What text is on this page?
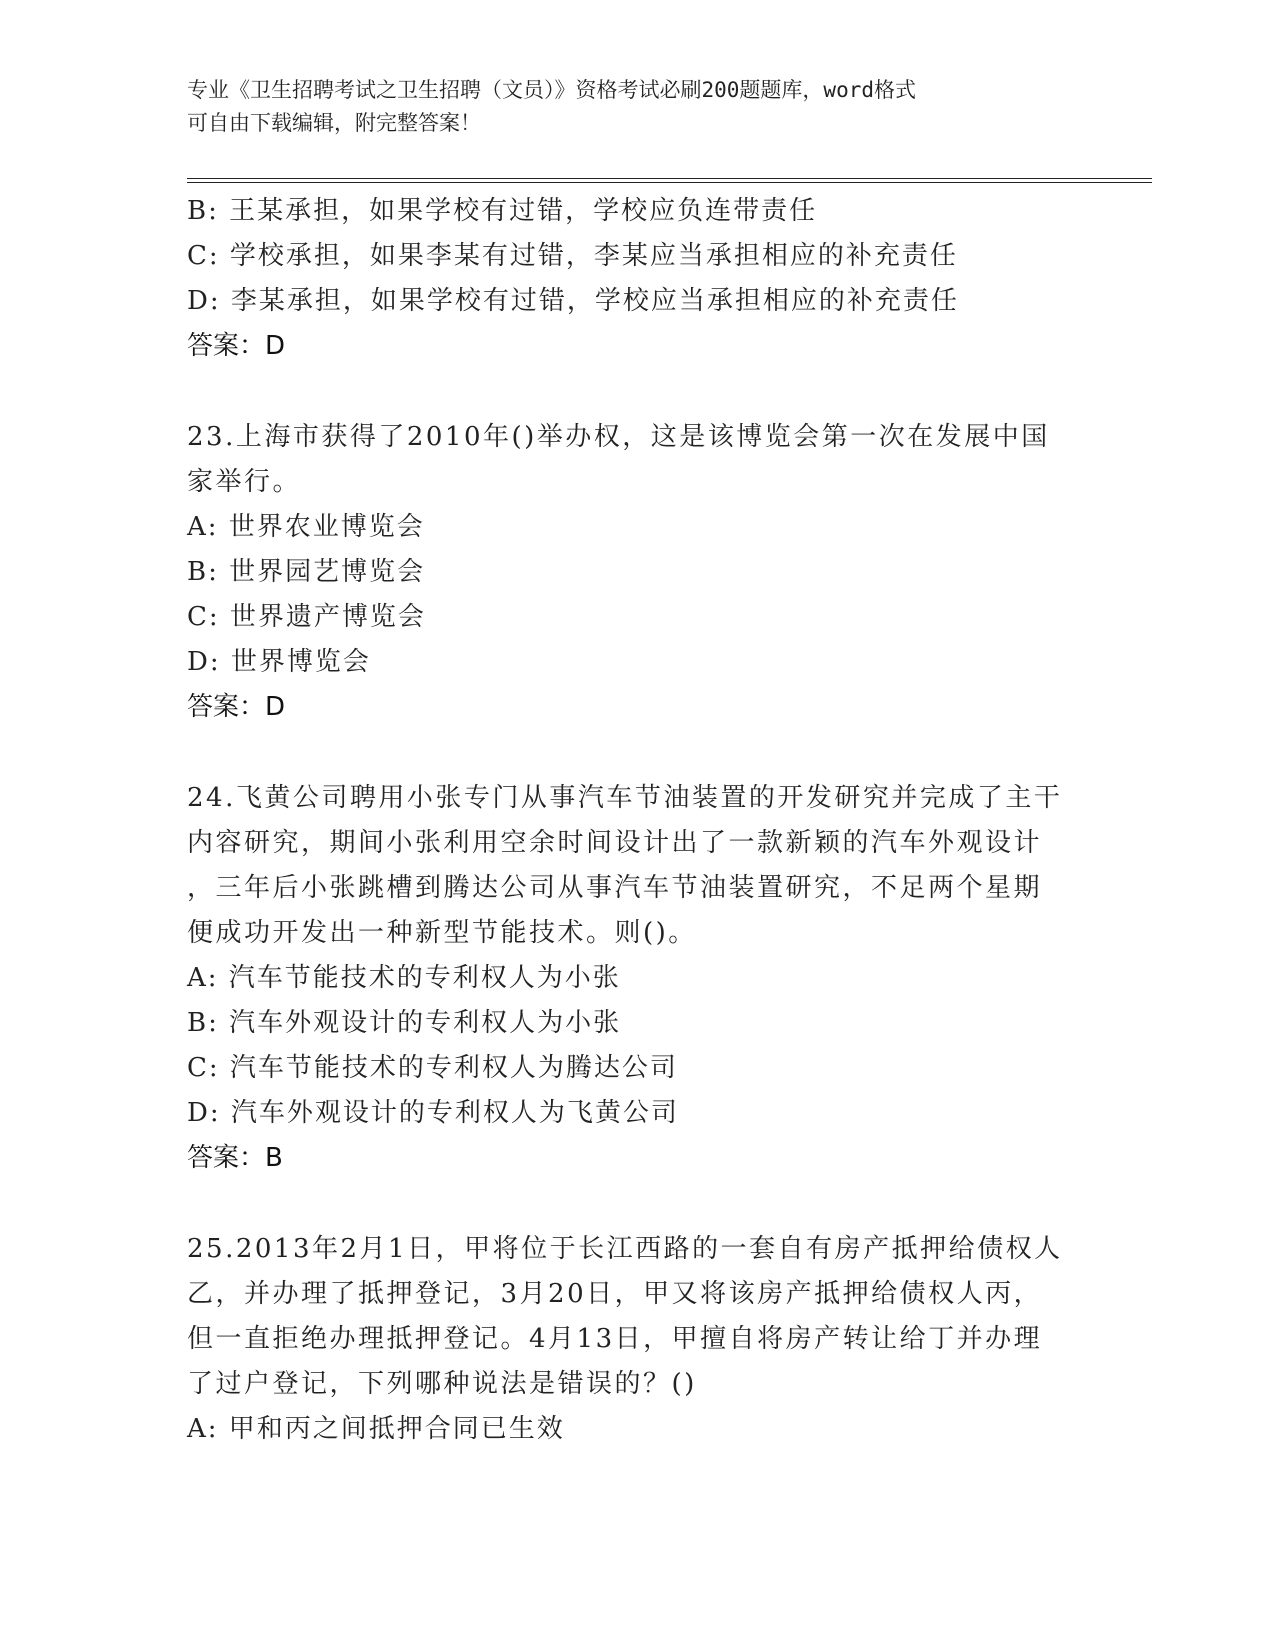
专业《卫生招聘考试之卫生招聘（文员）》资格考试必刷200题题库，word格式
可自由下载编辑，附完整答案！
B: 王某承担，如果学校有过错，学校应负连带责任
C: 学校承担，如果李某有过错，李某应当承担相应的补充责任
D: 李某承担，如果学校有过错，学校应当承担相应的补充责任
答案：D
23.上海市获得了2010年()举办权，这是该博览会第一次在发展中国
家举行。
A: 世界农业博览会
B: 世界园艺博览会
C: 世界遗产博览会
D: 世界博览会
答案：D
24.飞黄公司聘用小张专门从事汽车节油装置的开发研究并完成了主干
内容研究，期间小张利用空余时间设计出了一款新颖的汽车外观设计
，三年后小张跳槽到腾达公司从事汽车节油装置研究，不足两个星期
便成功开发出一种新型节能技术。则()。
A: 汽车节能技术的专利权人为小张
B: 汽车外观设计的专利权人为小张
C: 汽车节能技术的专利权人为腾达公司
D: 汽车外观设计的专利权人为飞黄公司
答案：B
25.2013年2月1日，甲将位于长江西路的一套自有房产抵押给债权人
乙，并办理了抵押登记，3月20日，甲又将该房产抵押给债权人丙，
但一直拒绝办理抵押登记。4月13日，甲擅自将房产转让给丁并办理
了过户登记，下列哪种说法是错误的？()
A: 甲和丙之间抵押合同已生效
